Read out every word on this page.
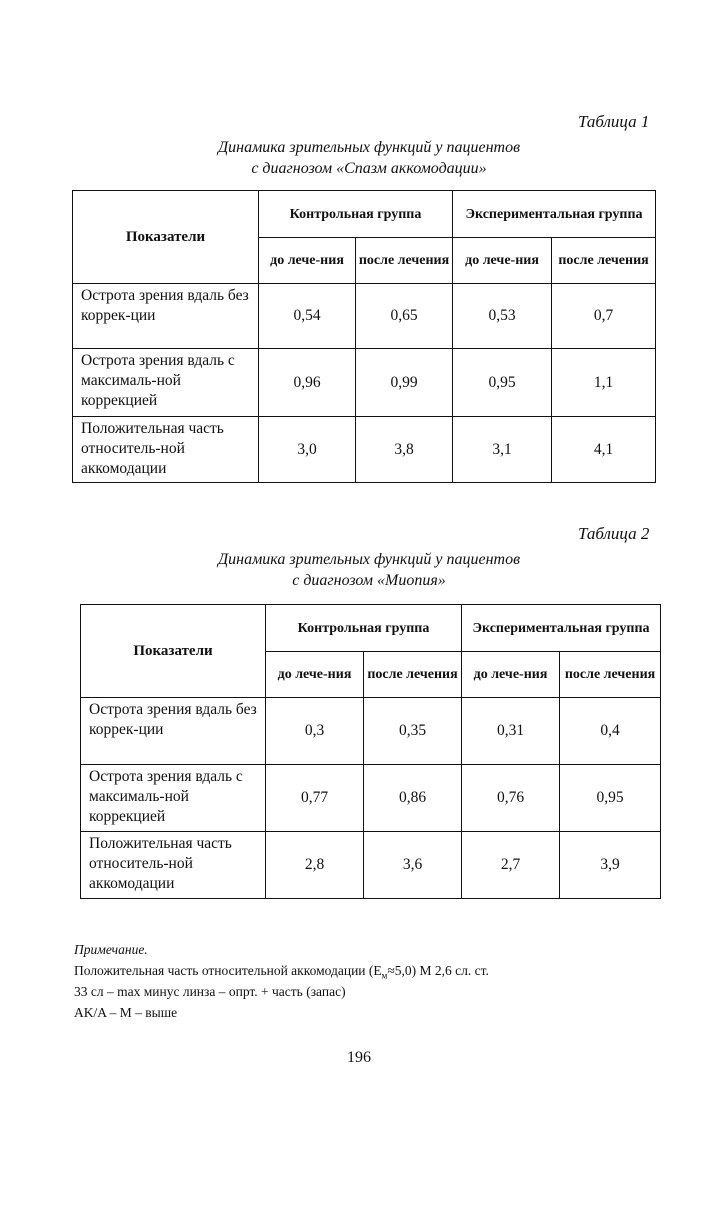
Таблица 1
Динамика зрительных функций у пациентов
с диагнозом «Спазм аккомодации»
Показатели	Контрольная группа		Экспериментальная группа	
	до лече-ния	после лечения	до лече-ния	после лечения
Острота зрения вдаль без коррек-ции	0,54	0,65	0,53	0,7
Острота зрения вдаль с максималь-ной коррекцией	0,96	0,99	0,95	1,1
Положительная часть относитель-ной аккомодации	3,0	3,8	3,1	4,1
Таблица 2
Динамика зрительных функций у пациентов
с диагнозом «Миопия»
Показатели	Контрольная группа		Экспериментальная группа	
	до лече-ния	после лечения	до лече-ния	после лечения
Острота зрения вдаль без коррек-ции	0,3	0,35	0,31	0,4
Острота зрения вдаль с максималь-ной коррекцией	0,77	0,86	0,76	0,95
Положительная часть относитель-ной аккомодации	2,8	3,6	2,7	3,9
Примечание.
Положительная часть относительной аккомодации $(E_м\approx 5,0)$ М 2,6 сл. ст.
33 сл – max минус линза – опрт. + часть (запас)
AK/A – M – выше
196
